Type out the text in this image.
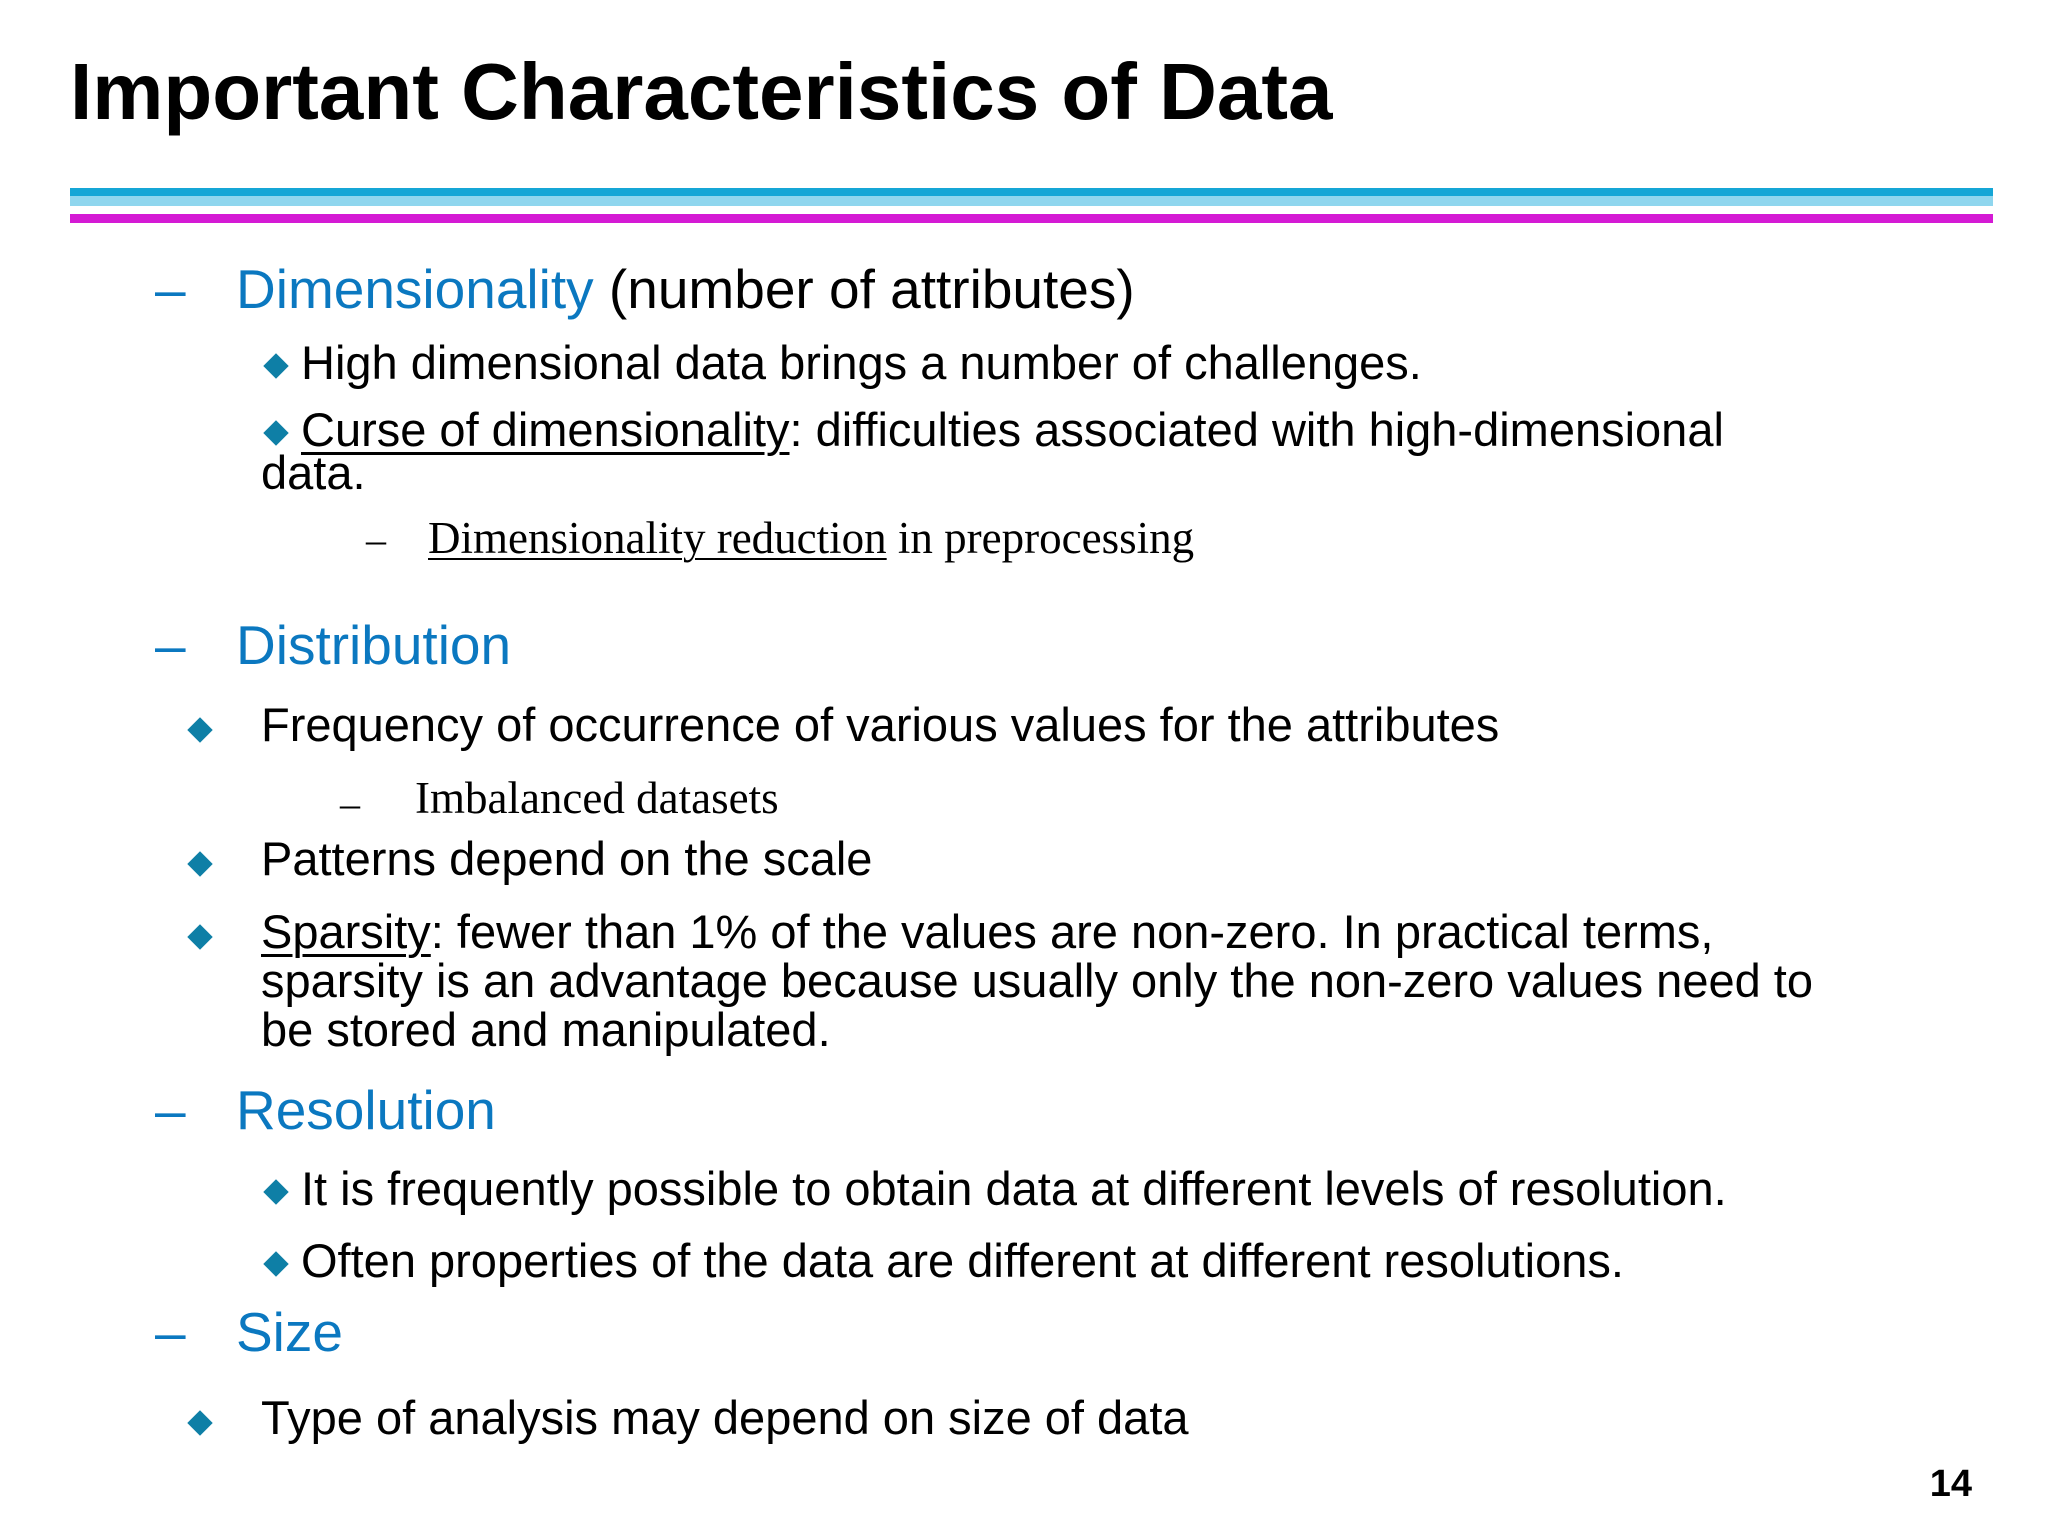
Important Characteristics of Data
– Dimensionality (number of attributes)
High dimensional data brings a number of challenges.
Curse of dimensionality: difficulties associated with high-dimensional
data.
– Dimensionality reduction in preprocessing
– Distribution
Frequency of occurrence of various values for the attributes
– Imbalanced datasets
Patterns depend on the scale
Sparsity: fewer than 1% of the values are non-zero. In practical terms,
sparsity is an advantage because usually only the non-zero values need to
be stored and manipulated.
– Resolution
It is frequently possible to obtain data at different levels of resolution.
Often properties of the data are different at different resolutions.
– Size
Type of analysis may depend on size of data
14
